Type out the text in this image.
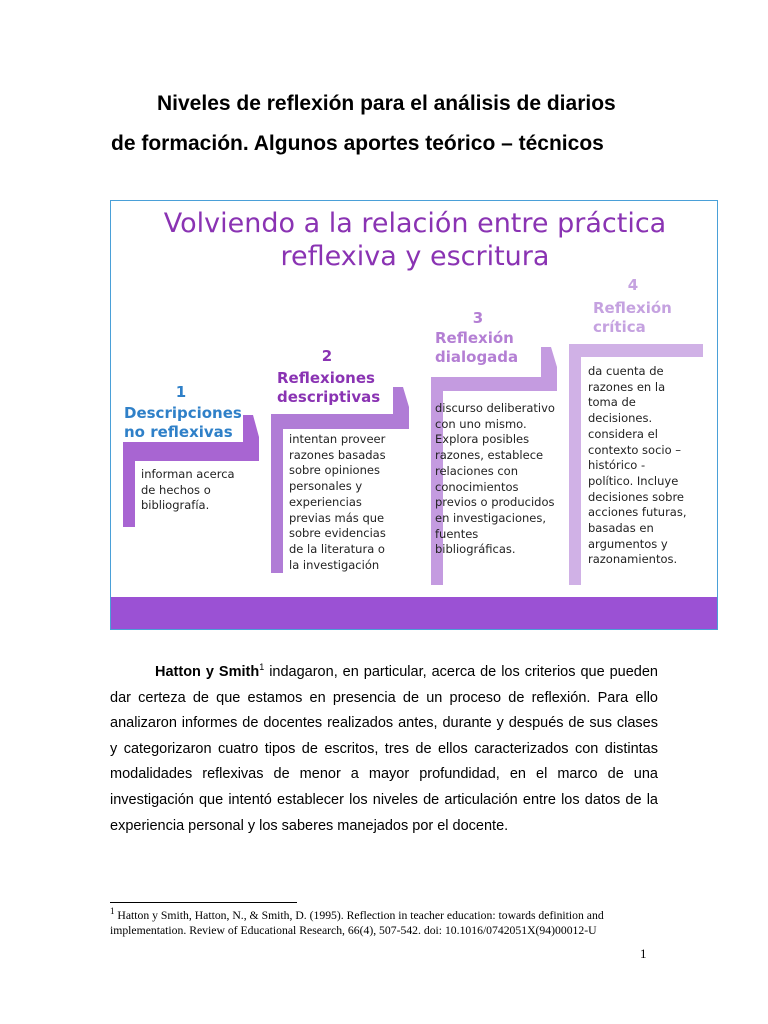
Niveles de reflexión para el análisis de diarios
de formación. Algunos aportes teórico – técnicos
Volviendo a la relación entre práctica
reflexiva y escritura
1
Descripciones
no reflexivas
informan acerca
de hechos o
bibliografía.
2
Reflexiones
descriptivas
intentan proveer
razones basadas
sobre opiniones
personales y
experiencias
previas más que
sobre evidencias
de la literatura o
la investigación
3
Reflexión
dialogada
discurso deliberativo
con uno mismo.
Explora posibles
razones, establece
relaciones con
conocimientos
previos o producidos
en investigaciones,
fuentes
bibliográficas.
4
Reflexión
crítica
da cuenta de
razones en la
toma de
decisiones.
considera el
contexto socio –
histórico -
político. Incluye
decisiones sobre
acciones futuras,
basadas en
argumentos y
razonamientos.
Hatton y Smith$^1$ indagaron, en particular, acerca de los criterios que pueden dar certeza de que estamos en presencia de un proceso de reflexión. Para ello analizaron informes de docentes realizados antes, durante y después de sus clases y categorizaron cuatro tipos de escritos, tres de ellos caracterizados con distintas modalidades reflexivas de menor a mayor profundidad, en el marco de una investigación que intentó establecer los niveles de articulación entre los datos de la experiencia personal y los saberes manejados por el docente.
$^1$ Hatton y Smith, Hatton, N., & Smith, D. (1995). Reflection in teacher education: towards definition and implementation. Review of Educational Research, 66(4), 507-542. doi: 10.1016/0742051X(94)00012-U
1
